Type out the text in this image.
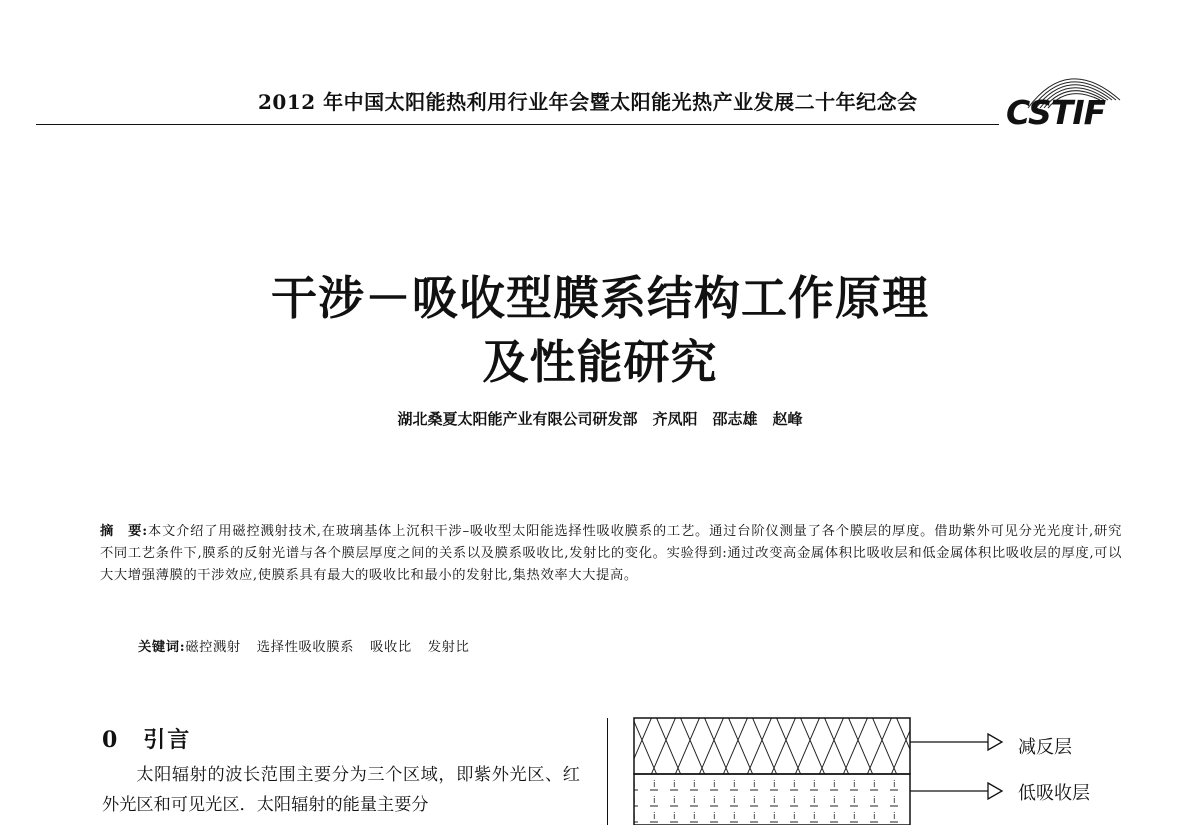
2012 年中国太阳能热利用行业年会暨太阳能光热产业发展二十年纪念会	CSTIF
干涉－吸收型膜系结构工作原理
及性能研究
湖北桑夏太阳能产业有限公司研发部　齐凤阳　邵志雄　赵峰
摘　要:本文介绍了用磁控溅射技术,在玻璃基体上沉积干涉–吸收型太阳能选择性吸收膜系的工艺。通过台阶仪测量了各个膜层的厚度。借助紫外可见分光光度计,研究不同工艺条件下,膜系的反射光谱与各个膜层厚度之间的关系以及膜系吸收比,发射比的变化。实验得到:通过改变高金属体积比吸收层和低金属体积比吸收层的厚度,可以大大增强薄膜的干涉效应,使膜系具有最大的吸收比和最小的发射比,集热效率大大提高。
关键词:磁控溅射 选择性吸收膜系 吸收比 发射比
0　引言
太阳辐射的波长范围主要分为三个区域，即紫外光区、红外光区和可见光区．太阳辐射的能量主要分
减反层
低吸收层
